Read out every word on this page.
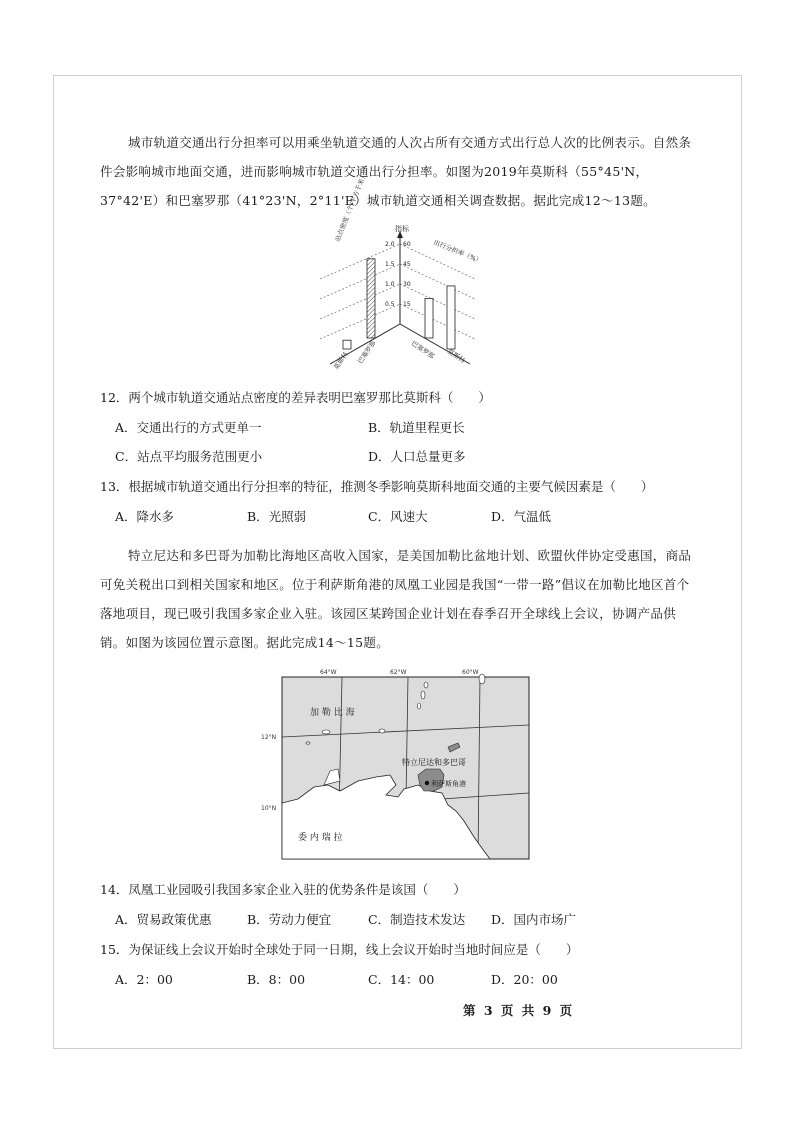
城市轨道交通出行分担率可以用乘坐轨道交通的人次占所有交通方式出行总人次的比例表示。自然条件会影响城市地面交通，进而影响城市轨道交通出行分担率。如图为2019年莫斯科（55°45'N，37°42'E）和巴塞罗那（41°23'N，2°11'E）城市轨道交通相关调查数据。据此完成12～13题。

指标
站点密度（个/平方千米）
出行分担率（%）
0.5
1.0
1.5
2.0
15
30
45
60
莫斯科 巴塞罗那	巴塞罗那 莫斯科
12．两个城市轨道交通站点密度的差异表明巴塞罗那比莫斯科（　　）
A．交通出行的方式更单一	B．轨道里程更长
C．站点平均服务范围更小	D．人口总量更多
13．根据城市轨道交通出行分担率的特征，推测冬季影响莫斯科地面交通的主要气候因素是（　　）
A．降水多	B．光照弱	C．风速大	D．气温低

特立尼达和多巴哥为加勒比海地区高收入国家，是美国加勒比盆地计划、欧盟伙伴协定受惠国，商品可免关税出口到相关国家和地区。位于利萨斯角港的凤凰工业园是我国“一带一路”倡议在加勒比地区首个落地项目，现已吸引我国多家企业入驻。该园区某跨国企业计划在春季召开全球线上会议，协调产品供销。如图为该园位置示意图。据此完成14～15题。

64°W	62°W	60°W
12°N
10°N
加 勒 比 海
特立尼达和多巴哥
利萨斯角港
委 内 瑞 拉
14．凤凰工业园吸引我国多家企业入驻的优势条件是该国（　　）
A．贸易政策优惠	B．劳动力便宜	C．制造技术发达 D．国内市场广
15．为保证线上会议开始时全球处于同一日期，线上会议开始时当地时间应是（　　）
A．2：00	B．8：00	C．14：00	D．20：00
第 3 页 共 9 页
